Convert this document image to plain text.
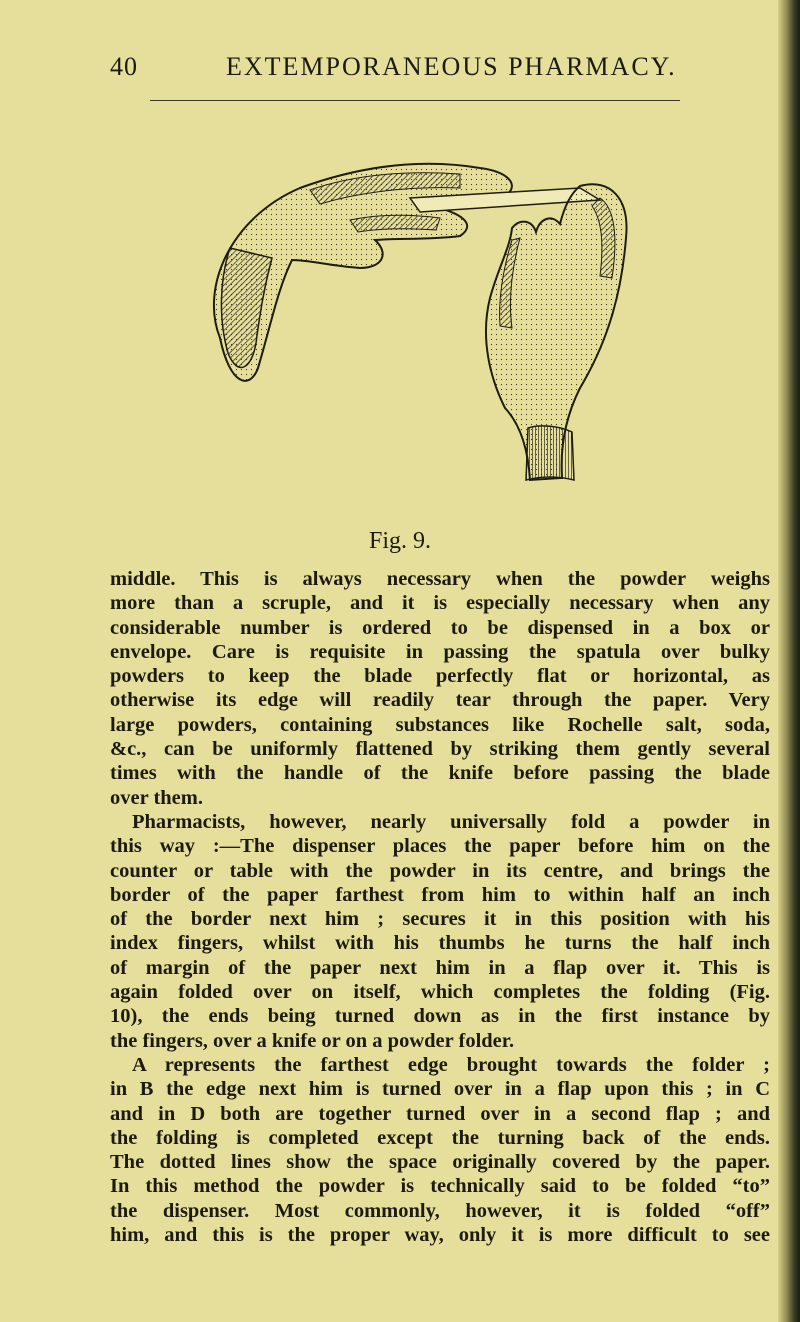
40	EXTEMPORANEOUS PHARMACY.
Fig. 9.
middle. This is always necessary when the powder weighs
more than a scruple, and it is especially necessary when any
considerable number is ordered to be dispensed in a box or
envelope. Care is requisite in passing the spatula over bulky
powders to keep the blade perfectly flat or horizontal, as
otherwise its edge will readily tear through the paper. Very
large powders, containing substances like Rochelle salt, soda,
&c., can be uniformly flattened by striking them gently several
times with the handle of the knife before passing the blade
over them.
Pharmacists, however, nearly universally fold a powder in
this way :—The dispenser places the paper before him on the
counter or table with the powder in its centre, and brings the
border of the paper farthest from him to within half an inch
of the border next him ; secures it in this position with his
index fingers, whilst with his thumbs he turns the half inch
of margin of the paper next him in a flap over it. This is
again folded over on itself, which completes the folding (Fig.
10), the ends being turned down as in the first instance by
the fingers, over a knife or on a powder folder.
A represents the farthest edge brought towards the folder ;
in B the edge next him is turned over in a flap upon this ; in C
and in D both are together turned over in a second flap ; and
the folding is completed except the turning back of the ends.
The dotted lines show the space originally covered by the paper.
In this method the powder is technically said to be folded “to”
the dispenser. Most commonly, however, it is folded “off”
him, and this is the proper way, only it is more difficult to see
